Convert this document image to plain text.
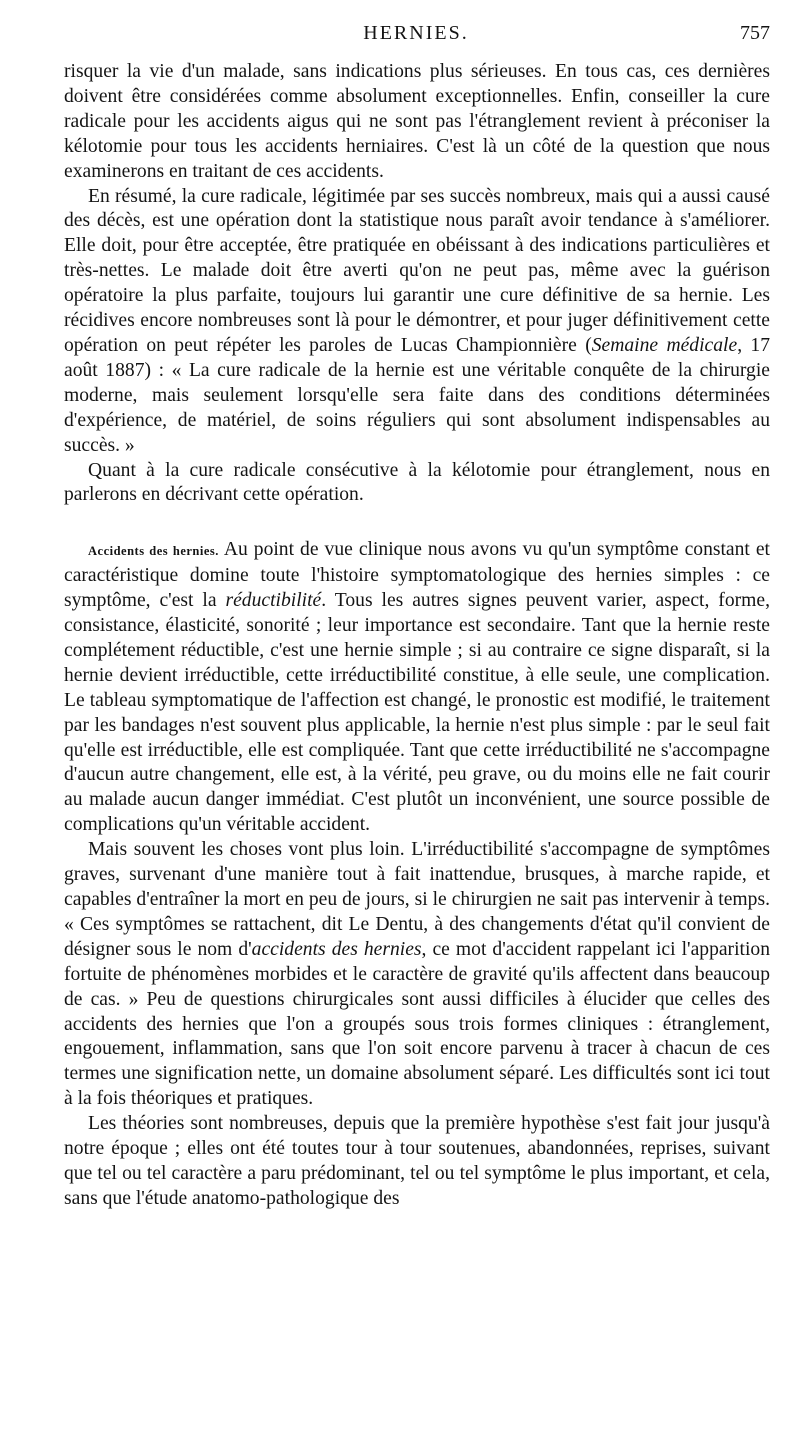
HERNIES.	757

risquer la vie d'un malade, sans indications plus sérieuses. En tous cas, ces dernières doivent être considérées comme absolument exceptionnelles. Enfin, conseiller la cure radicale pour les accidents aigus qui ne sont pas l'étranglement revient à préconiser la kélotomie pour tous les accidents herniaires. C'est là un côté de la question que nous examinerons en traitant de ces accidents.

En résumé, la cure radicale, légitimée par ses succès nombreux, mais qui a aussi causé des décès, est une opération dont la statistique nous paraît avoir tendance à s'améliorer. Elle doit, pour être acceptée, être pratiquée en obéissant à des indications particulières et très-nettes. Le malade doit être averti qu'on ne peut pas, même avec la guérison opératoire la plus parfaite, toujours lui garantir une cure définitive de sa hernie. Les récidives encore nombreuses sont là pour le démontrer, et pour juger définitivement cette opération on peut répéter les paroles de Lucas Championnière (Semaine médicale, 17 août 1887) : « La cure radicale de la hernie est une véritable conquête de la chirurgie moderne, mais seulement lorsqu'elle sera faite dans des conditions déterminées d'expérience, de matériel, de soins réguliers qui sont absolument indispensables au succès. »

Quant à la cure radicale consécutive à la kélotomie pour étranglement, nous en parlerons en décrivant cette opération.

Accidents des hernies. Au point de vue clinique nous avons vu qu'un symptôme constant et caractéristique domine toute l'histoire symptomatologique des hernies simples : ce symptôme, c'est la réductibilité. Tous les autres signes peuvent varier, aspect, forme, consistance, élasticité, sonorité ; leur importance est secondaire. Tant que la hernie reste complétement réductible, c'est une hernie simple ; si au contraire ce signe disparaît, si la hernie devient irréductible, cette irréductibilité constitue, à elle seule, une complication. Le tableau symptomatique de l'affection est changé, le pronostic est modifié, le traitement par les bandages n'est souvent plus applicable, la hernie n'est plus simple : par le seul fait qu'elle est irréductible, elle est compliquée. Tant que cette irréductibilité ne s'accompagne d'aucun autre changement, elle est, à la vérité, peu grave, ou du moins elle ne fait courir au malade aucun danger immédiat. C'est plutôt un inconvénient, une source possible de complications qu'un véritable accident.

Mais souvent les choses vont plus loin. L'irréductibilité s'accompagne de symptômes graves, survenant d'une manière tout à fait inattendue, brusques, à marche rapide, et capables d'entraîner la mort en peu de jours, si le chirurgien ne sait pas intervenir à temps. « Ces symptômes se rattachent, dit Le Dentu, à des changements d'état qu'il convient de désigner sous le nom d'accidents des hernies, ce mot d'accident rappelant ici l'apparition fortuite de phénomènes morbides et le caractère de gravité qu'ils affectent dans beaucoup de cas. » Peu de questions chirurgicales sont aussi difficiles à élucider que celles des accidents des hernies que l'on a groupés sous trois formes cliniques : étranglement, engouement, inflammation, sans que l'on soit encore parvenu à tracer à chacun de ces termes une signification nette, un domaine absolument séparé. Les difficultés sont ici tout à la fois théoriques et pratiques.

Les théories sont nombreuses, depuis que la première hypothèse s'est fait jour jusqu'à notre époque ; elles ont été toutes tour à tour soutenues, abandonnées, reprises, suivant que tel ou tel caractère a paru prédominant, tel ou tel symptôme le plus important, et cela, sans que l'étude anatomo-pathologique des
